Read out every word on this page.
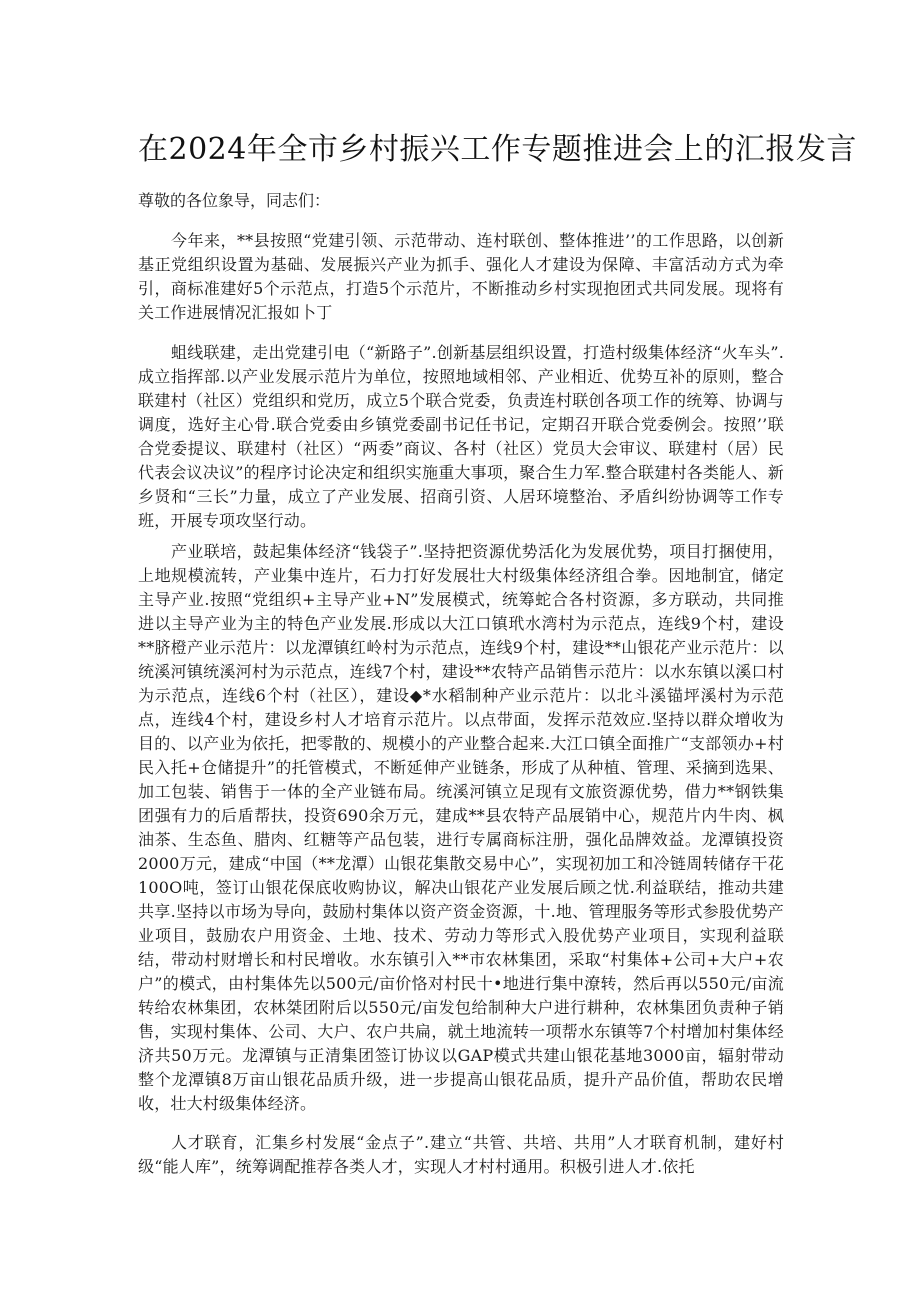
在2024年全市乡村振兴工作专题推进会上的汇报发言

尊敬的各位象导，同志们：

今年来，**县按照“党建引领、示范带动、连村联创、整体推进’’的工作思路，以创新基正党组织设置为基础、发展振兴产业为抓手、强化人才建设为保障、丰富活动方式为牵引，商标准建好5个示范点，打造5个示范片，不断推动乡村实现抱团式共同发展。现将有关工作进展情况汇报如卜丁

蛆线联建，走出党建引电（“新路子”.创新基层组织设置，打造村级集体经济“火车头”.成立指挥部.以产业发展示范片为单位，按照地域相邻、产业相近、优势互补的原则，整合联建村（社区）党组织和党历，成立5个联合党委，负责连村联创各项工作的统筹、协调与调度，选好主心骨.联合党委由乡镇党委副书记任书记，定期召开联合党委例会。按照’’联合党委提议、联建村（社区）“两委”商议、各村（社区）党员大会审议、联建村（居）民代表会议决议”的程序讨论决定和组织实施重大事项，聚合生力军.整合联建村各类能人、新乡贤和“三长”力量，成立了产业发展、招商引资、人居环境整治、矛盾纠纷协调等工作专班，开展专项攻坚行动。

产业联培，鼓起集体经济“钱袋子”.坚持把资源优势活化为发展优势，项目打捆使用，上地规模流转，产业集中连片，石力打好发展壮大村级集体经济组合拳。因地制宜，储定主导产业.按照“党组织+主导产业+N”发展模式，统筹蛇合各村资源，多方联动，共同推进以主导产业为主的特色产业发展.形成以大江口镇玳水湾村为示范点，连线9个村，建设**脐橙产业示范片：以龙潭镇红岭村为示范点，连线9个村，建设**山银花产业示范片：以统溪河镇统溪河村为示范点，连线7个村，建设**农特产品销售示范片：以水东镇以溪口村为示范点，连线6个村（社区），建设◆*水稻制种产业示范片：以北斗溪锚坪溪村为示范点，连线4个村，建设乡村人才培育示范片。以点带面，发挥示范效应.坚持以群众增收为目的、以产业为依托，把零散的、规模小的产业整合起来.大江口镇全面推广“支部领办+村民入托+仓储提升”的托管模式，不断延伸产业链条，形成了从种植、管理、采摘到选果、加工包装、销售于一体的全产业链布局。统溪河镇立足现有文旅资源优势，借力**钢铁集团强有力的后盾帮扶，投资690余万元，建成**县农特产品展销中心，规范片内牛肉、枫油茶、生态鱼、腊肉、红糖等产品包装，进行专属商标注册，强化品牌效益。龙潭镇投资2000万元，建成“中国（**龙潭）山银花集散交易中心”，实现初加工和冷链周转储存干花100O吨，签订山银花保底收购协议，解决山银花产业发展后顾之忧.利益联结，推动共建共享.坚持以市场为导向，鼓励村集体以资产资金资源，十.地、管理服务等形式参股优势产业项目，鼓励农户用资金、土地、技术、劳动力等形式入股优势产业项目，实现利益联结，带动村财增长和村民增收。水东镇引入**市农林集团，采取“村集体+公司+大户+农户”的模式，由村集体先以500元/亩价恪对村民十•地进行集中潦转，然后再以550元/亩流转给农林集团，农林桀团附后以550元/亩发包给制种大户进行耕种，农林集团负责种子销售，实现村集体、公司、大户、农户共扁，就土地流转一项帮水东镇等7个村增加村集体经济共50万元。龙潭镇与正清集团签订协议以GAP模式共建山银花基地3000亩，辐射带动整个龙潭镇8万亩山银花品质升级，进一步提高山银花品质，提升产品价值，帮助农民增收，壮大村级集体经济。

人才联育，汇集乡村发展“金点子”.建立“共管、共培、共用”人才联育机制，建好村级“能人库”，统筹调配推荐各类人才，实现人才村村通用。积极引进人才.依托
